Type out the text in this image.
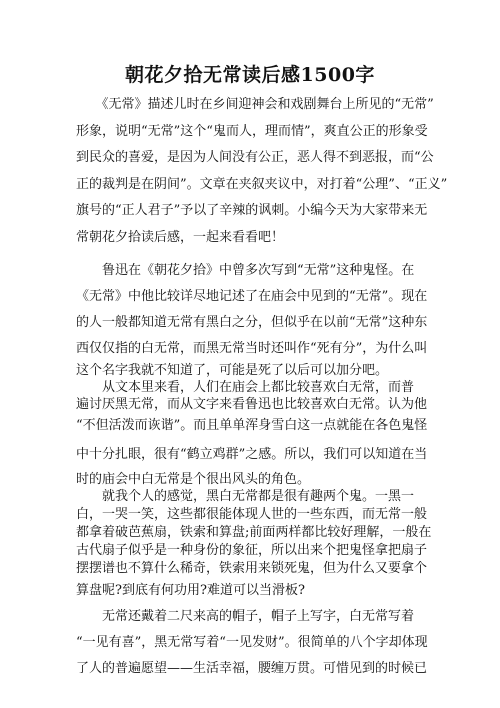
朝花夕拾无常读后感1500字
　　《无常》描述儿时在乡间迎神会和戏剧舞台上所见的“无常”
形象，说明“无常”这个“鬼而人，理而情”，爽直公正的形象受
到民众的喜爱，是因为人间没有公正，恶人得不到恶报，而“公
正的裁判是在阴间”。文章在夹叙夹议中，对打着“公理”、“正义”
旗号的“正人君子”予以了辛辣的讽刺。小编今天为大家带来无
常朝花夕拾读后感，一起来看看吧！
　　鲁迅在《朝花夕拾》中曾多次写到“无常”这种鬼怪。在
《无常》中他比较详尽地记述了在庙会中见到的“无常”。现在
的人一般都知道无常有黑白之分，但似乎在以前“无常”这种东
西仅仅指的白无常，而黑无常当时还叫作“死有分”，为什么叫
这个名字我就不知道了，可能是死了以后可以加分吧。
　　从文本里来看，人们在庙会上都比较喜欢白无常，而普
遍讨厌黑无常，而从文字来看鲁迅也比较喜欢白无常。认为他
“不但活泼而诙谐”。而且单单浑身雪白这一点就能在各色鬼怪
中十分扎眼，很有“鹤立鸡群”之感。所以，我们可以知道在当
时的庙会中白无常是个很出风头的角色。
　　就我个人的感觉，黑白无常都是很有趣两个鬼。一黑一
白，一哭一笑，这些都很能体现人世的一些东西，而无常一般
都拿着破芭蕉扇，铁索和算盘;前面两样都比较好理解，一般在
古代扇子似乎是一种身份的象征，所以出来个把鬼怪拿把扇子
摆摆谱也不算什么稀奇，铁索用来锁死鬼，但为什么又要拿个
算盘呢?到底有何功用?难道可以当滑板?
　　无常还戴着二尺来高的帽子，帽子上写字，白无常写着
“一见有喜”，黑无常写着“一见发财”。很简单的八个字却体现
了人的普遍愿望——生活幸福，腰缠万贯。可惜见到的时候已
